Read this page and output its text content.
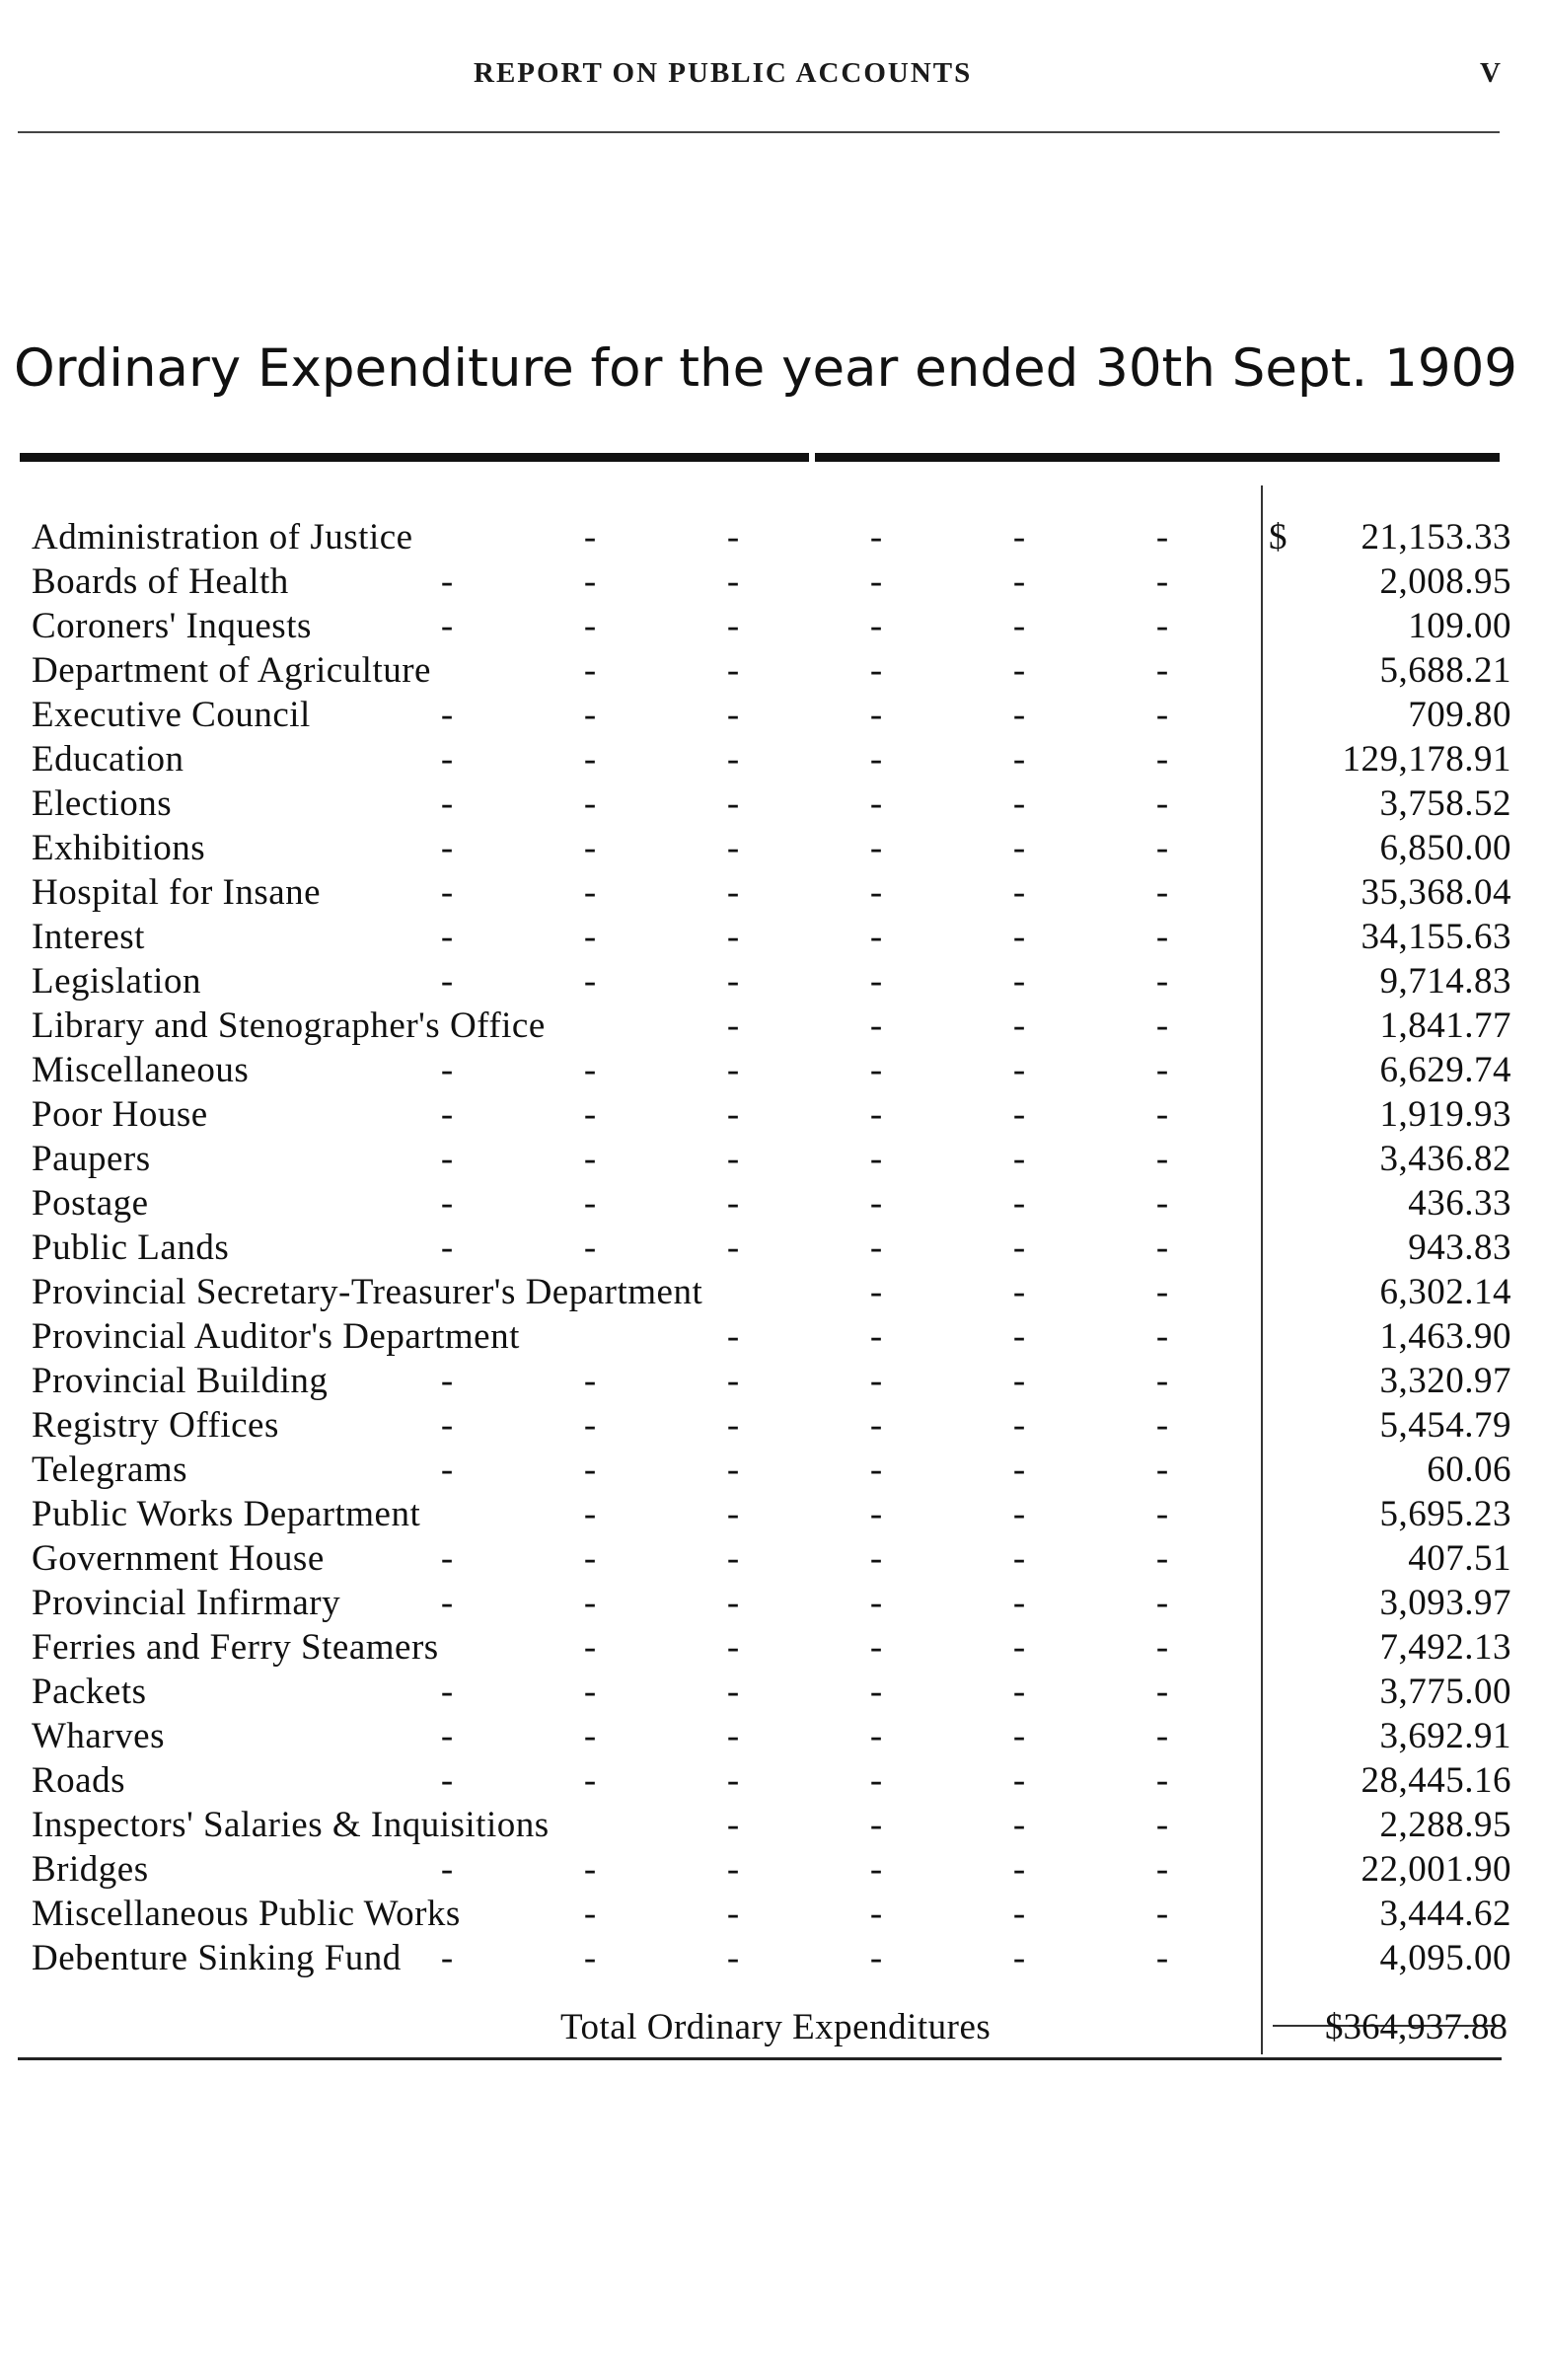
REPORT ON PUBLIC ACCOUNTS	V
Ordinary Expenditure for the year ended 30th Sept. 1909
Administration of Justice	-	-	-	-	-	$	21,153.33
Boards of Health	-	-	-	-	-	-	2,008.95
Coroners' Inquests	-	-	-	-	-	-	109.00
Department of Agriculture	-	-	-	-	-	5,688.21
Executive Council	-	-	-	-	-	-	709.80
Education	-	-	-	-	-	-	129,178.91
Elections	-	-	-	-	-	-	3,758.52
Exhibitions	-	-	-	-	-	-	6,850.00
Hospital for Insane	-	-	-	-	-	-	35,368.04
Interest	-	-	-	-	-	-	34,155.63
Legislation	-	-	-	-	-	-	9,714.83
Library and Stenographer's Office	-	-	-	-	1,841.77
Miscellaneous	-	-	-	-	-	-	6,629.74
Poor House	-	-	-	-	-	-	1,919.93
Paupers	-	-	-	-	-	-	3,436.82
Postage	-	-	-	-	-	-	436.33
Public Lands	-	-	-	-	-	-	943.83
Provincial Secretary-Treasurer's Department	-	-	-	6,302.14
Provincial Auditor's Department	-	-	-	-	1,463.90
Provincial Building	-	-	-	-	-	-	3,320.97
Registry Offices	-	-	-	-	-	-	5,454.79
Telegrams	-	-	-	-	-	-	60.06
Public Works Department	-	-	-	-	-	5,695.23
Government House	-	-	-	-	-	-	407.51
Provincial Infirmary	-	-	-	-	-	-	3,093.97
Ferries and Ferry Steamers	-	-	-	-	-	7,492.13
Packets	-	-	-	-	-	-	3,775.00
Wharves	-	-	-	-	-	-	3,692.91
Roads	-	-	-	-	-	-	28,445.16
Inspectors' Salaries & Inquisitions	-	-	-	-	2,288.95
Bridges	-	-	-	-	-	-	22,001.90
Miscellaneous Public Works	-	-	-	-	-	3,444.62
Debenture Sinking Fund -	-	-	-	-	-	4,095.00
Total Ordinary Expenditures	$364,937.88
